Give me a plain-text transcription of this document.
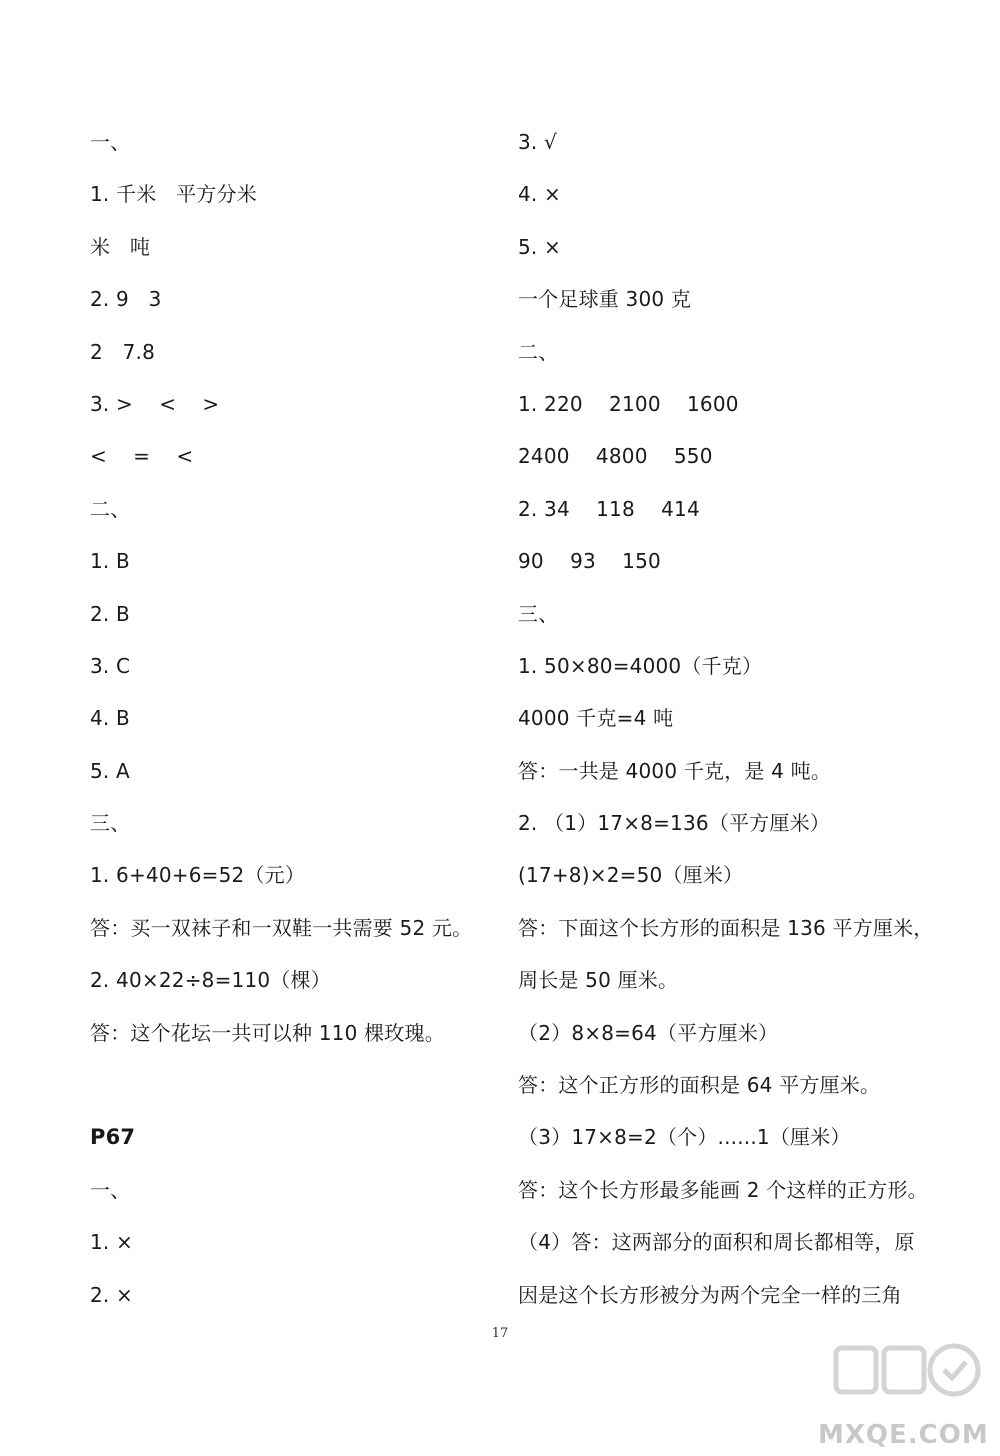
一、
1. 千米   平方分米
米   吨
2. 9   3
2   7.8
3. >    <    >
<    =    <
二、
1. B
2. B
3. C
4. B
5. A
三、
1. 6+40+6=52（元）
答：买一双袜子和一双鞋一共需要 52 元。
2. 40×22÷8=110（棵）
答：这个花坛一共可以种 110 棵玫瑰。
P67
一、
1. ×
2. ×
3. √
4. ×
5. ×
一个足球重 300 克
二、
1. 220    2100    1600
2400    4800    550
2. 34    118    414
90    93    150
三、
1. 50×80=4000（千克）
4000 千克=4 吨
答：一共是 4000 千克，是 4 吨。
2. （1）17×8=136（平方厘米）
(17+8)×2=50（厘米）
答：下面这个长方形的面积是 136 平方厘米，
周长是 50 厘米。
（2）8×8=64（平方厘米）
答：这个正方形的面积是 64 平方厘米。
（3）17×8=2（个）......1（厘米）
答：这个长方形最多能画 2 个这样的正方形。
（4）答：这两部分的面积和周长都相等，原
因是这个长方形被分为两个完全一样的三角
17
MXQE.COM
